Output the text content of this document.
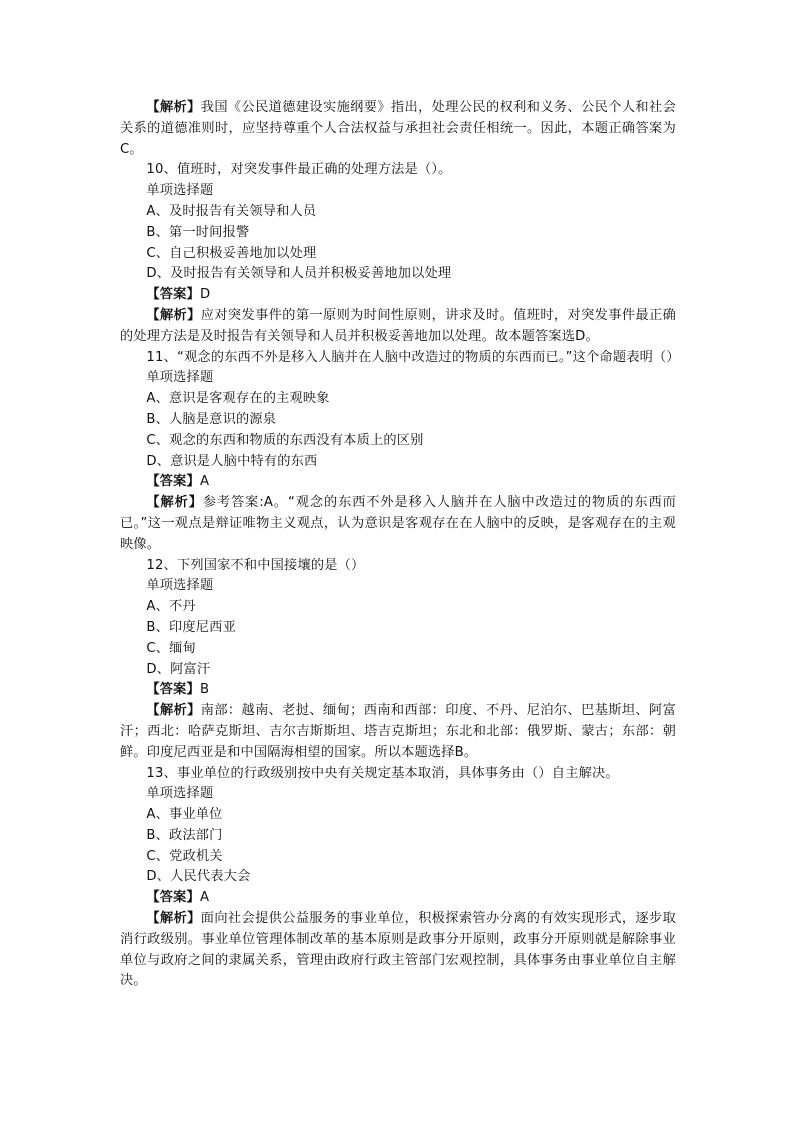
【解析】我国《公民道德建设实施纲要》指出，处理公民的权利和义务、公民个人和社会关系的道德准则时，应坚持尊重个人合法权益与承担社会责任相统一。因此，本题正确答案为C。

10、值班时，对突发事件最正确的处理方法是（）。

单项选择题

A、及时报告有关领导和人员

B、第一时间报警

C、自己积极妥善地加以处理

D、及时报告有关领导和人员并积极妥善地加以处理

【答案】D

【解析】应对突发事件的第一原则为时间性原则，讲求及时。值班时，对突发事件最正确的处理方法是及时报告有关领导和人员并积极妥善地加以处理。故本题答案选D。

11、“观念的东西不外是移入人脑并在人脑中改造过的物质的东西而已。”这个命题表明（）

单项选择题

A、意识是客观存在的主观映象

B、人脑是意识的源泉

C、观念的东西和物质的东西没有本质上的区别

D、意识是人脑中特有的东西

【答案】A

【解析】参考答案:A。“观念的东西不外是移入人脑并在人脑中改造过的物质的东西而已。”这一观点是辩证唯物主义观点，认为意识是客观存在在人脑中的反映，是客观存在的主观映像。

12、下列国家不和中国接壤的是（）

单项选择题

A、不丹

B、印度尼西亚

C、缅甸

D、阿富汗

【答案】B

【解析】南部：越南、老挝、缅甸；西南和西部：印度、不丹、尼泊尔、巴基斯坦、阿富汗；西北：哈萨克斯坦、吉尔吉斯斯坦、塔吉克斯坦；东北和北部：俄罗斯、蒙古；东部：朝鲜。印度尼西亚是和中国隔海相望的国家。所以本题选择B。

13、事业单位的行政级别按中央有关规定基本取消，具体事务由（）自主解决。

单项选择题

A、事业单位

B、政法部门

C、党政机关

D、人民代表大会

【答案】A

【解析】面向社会提供公益服务的事业单位，积极探索管办分离的有效实现形式，逐步取消行政级别。事业单位管理体制改革的基本原则是政事分开原则，政事分开原则就是解除事业单位与政府之间的隶属关系，管理由政府行政主管部门宏观控制，具体事务由事业单位自主解决。
